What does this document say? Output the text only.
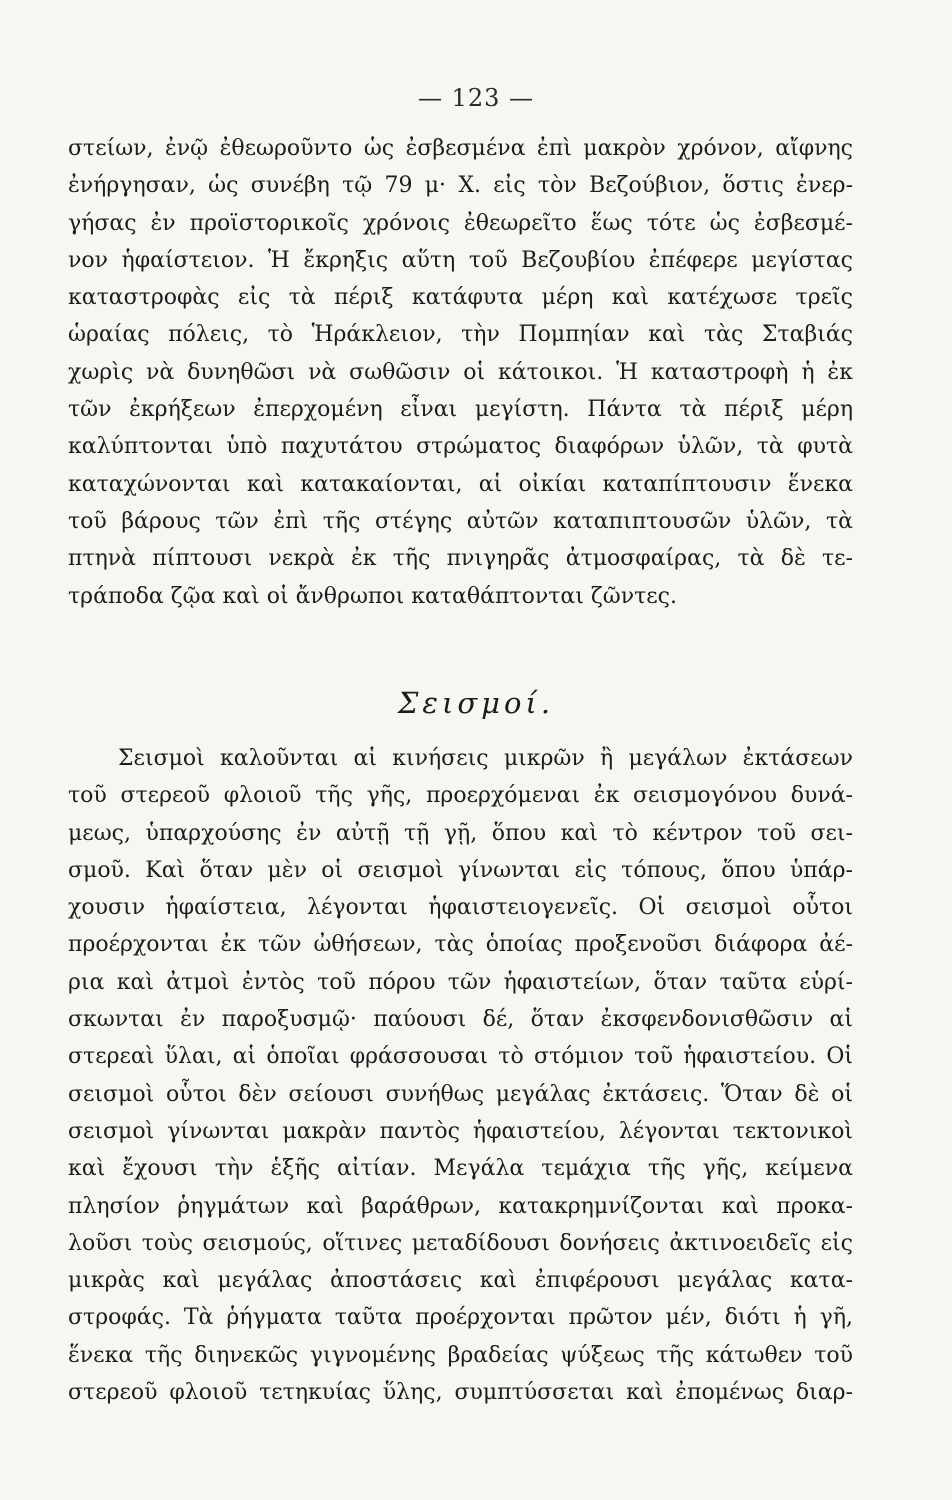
— 123 —
στείων, ἐνῷ ἐθεωροῦντο ὡς ἐσβεσμένα ἐπὶ μακρὸν χρόνον, αἴφνης
ἐνήργησαν, ὡς συνέβη τῷ 79 μ· Χ. εἰς τὸν Βεζούβιον, ὅστις ἐνερ-
γήσας ἐν προϊστορικοῖς χρόνοις ἐθεωρεῖτο ἕως τότε ὡς ἐσβεσμέ-
νον ἡφαίστειον. Ἡ ἔκρηξις αὕτη τοῦ Βεζουβίου ἐπέφερε μεγίστας
καταστροφὰς εἰς τὰ πέριξ κατάφυτα μέρη καὶ κατέχωσε τρεῖς
ὡραίας πόλεις, τὸ Ἡράκλειον, τὴν Πομπηίαν καὶ τὰς Σταβιάς
χωρὶς νὰ δυνηθῶσι νὰ σωθῶσιν οἱ κάτοικοι. Ἡ καταστροφὴ ἡ ἐκ
τῶν ἐκρήξεων ἐπερχομένη εἶναι μεγίστη. Πάντα τὰ πέριξ μέρη
καλύπτονται ὑπὸ παχυτάτου στρώματος διαφόρων ὑλῶν, τὰ φυτὰ
καταχώνονται καὶ κατακαίονται, αἱ οἰκίαι καταπίπτουσιν ἕνεκα
τοῦ βάρους τῶν ἐπὶ τῆς στέγης αὐτῶν καταπιπτουσῶν ὑλῶν, τὰ
πτηνὰ πίπτουσι νεκρὰ ἐκ τῆς πνιγηρᾶς ἀτμοσφαίρας, τὰ δὲ τε-
τράποδα ζῷα καὶ οἱ ἄνθρωποι καταθάπτονται ζῶντες.
Σεισμοί.
Σεισμοὶ καλοῦνται αἱ κινήσεις μικρῶν ἢ μεγάλων ἐκτάσεων
τοῦ στερεοῦ φλοιοῦ τῆς γῆς, προερχόμεναι ἐκ σεισμογόνου δυνά-
μεως, ὑπαρχούσης ἐν αὐτῇ τῇ γῇ, ὅπου καὶ τὸ κέντρον τοῦ σει-
σμοῦ. Καὶ ὅταν μὲν οἱ σεισμοὶ γίνωνται εἰς τόπους, ὅπου ὑπάρ-
χουσιν ἡφαίστεια, λέγονται ἡφαιστειογενεῖς. Οἱ σεισμοὶ οὗτοι
προέρχονται ἐκ τῶν ὠθήσεων, τὰς ὁποίας προξενοῦσι διάφορα ἀέ-
ρια καὶ ἀτμοὶ ἐντὸς τοῦ πόρου τῶν ἡφαιστείων, ὅταν ταῦτα εὑρί-
σκωνται ἐν παροξυσμῷ· παύουσι δέ, ὅταν ἐκσφενδονισθῶσιν αἱ
στερεαὶ ὕλαι, αἱ ὁποῖαι φράσσουσαι τὸ στόμιον τοῦ ἡφαιστείου. Οἱ
σεισμοὶ οὗτοι δὲν σείουσι συνήθως μεγάλας ἐκτάσεις. Ὅταν δὲ οἱ
σεισμοὶ γίνωνται μακρὰν παντὸς ἡφαιστείου, λέγονται τεκτονικοὶ
καὶ ἔχουσι τὴν ἑξῆς αἰτίαν. Μεγάλα τεμάχια τῆς γῆς, κείμενα
πλησίον ῥηγμάτων καὶ βαράθρων, κατακρημνίζονται καὶ προκα-
λοῦσι τοὺς σεισμούς, οἵτινες μεταδίδουσι δονήσεις ἀκτινοειδεῖς εἰς
μικρὰς καὶ μεγάλας ἀποστάσεις καὶ ἐπιφέρουσι μεγάλας κατα-
στροφάς. Τὰ ῥήγματα ταῦτα προέρχονται πρῶτον μέν, διότι ἡ γῆ,
ἕνεκα τῆς διηνεκῶς γιγνομένης βραδείας ψύξεως τῆς κάτωθεν τοῦ
στερεοῦ φλοιοῦ τετηκυίας ὕλης, συμπτύσσεται καὶ ἐπομένως διαρ-
